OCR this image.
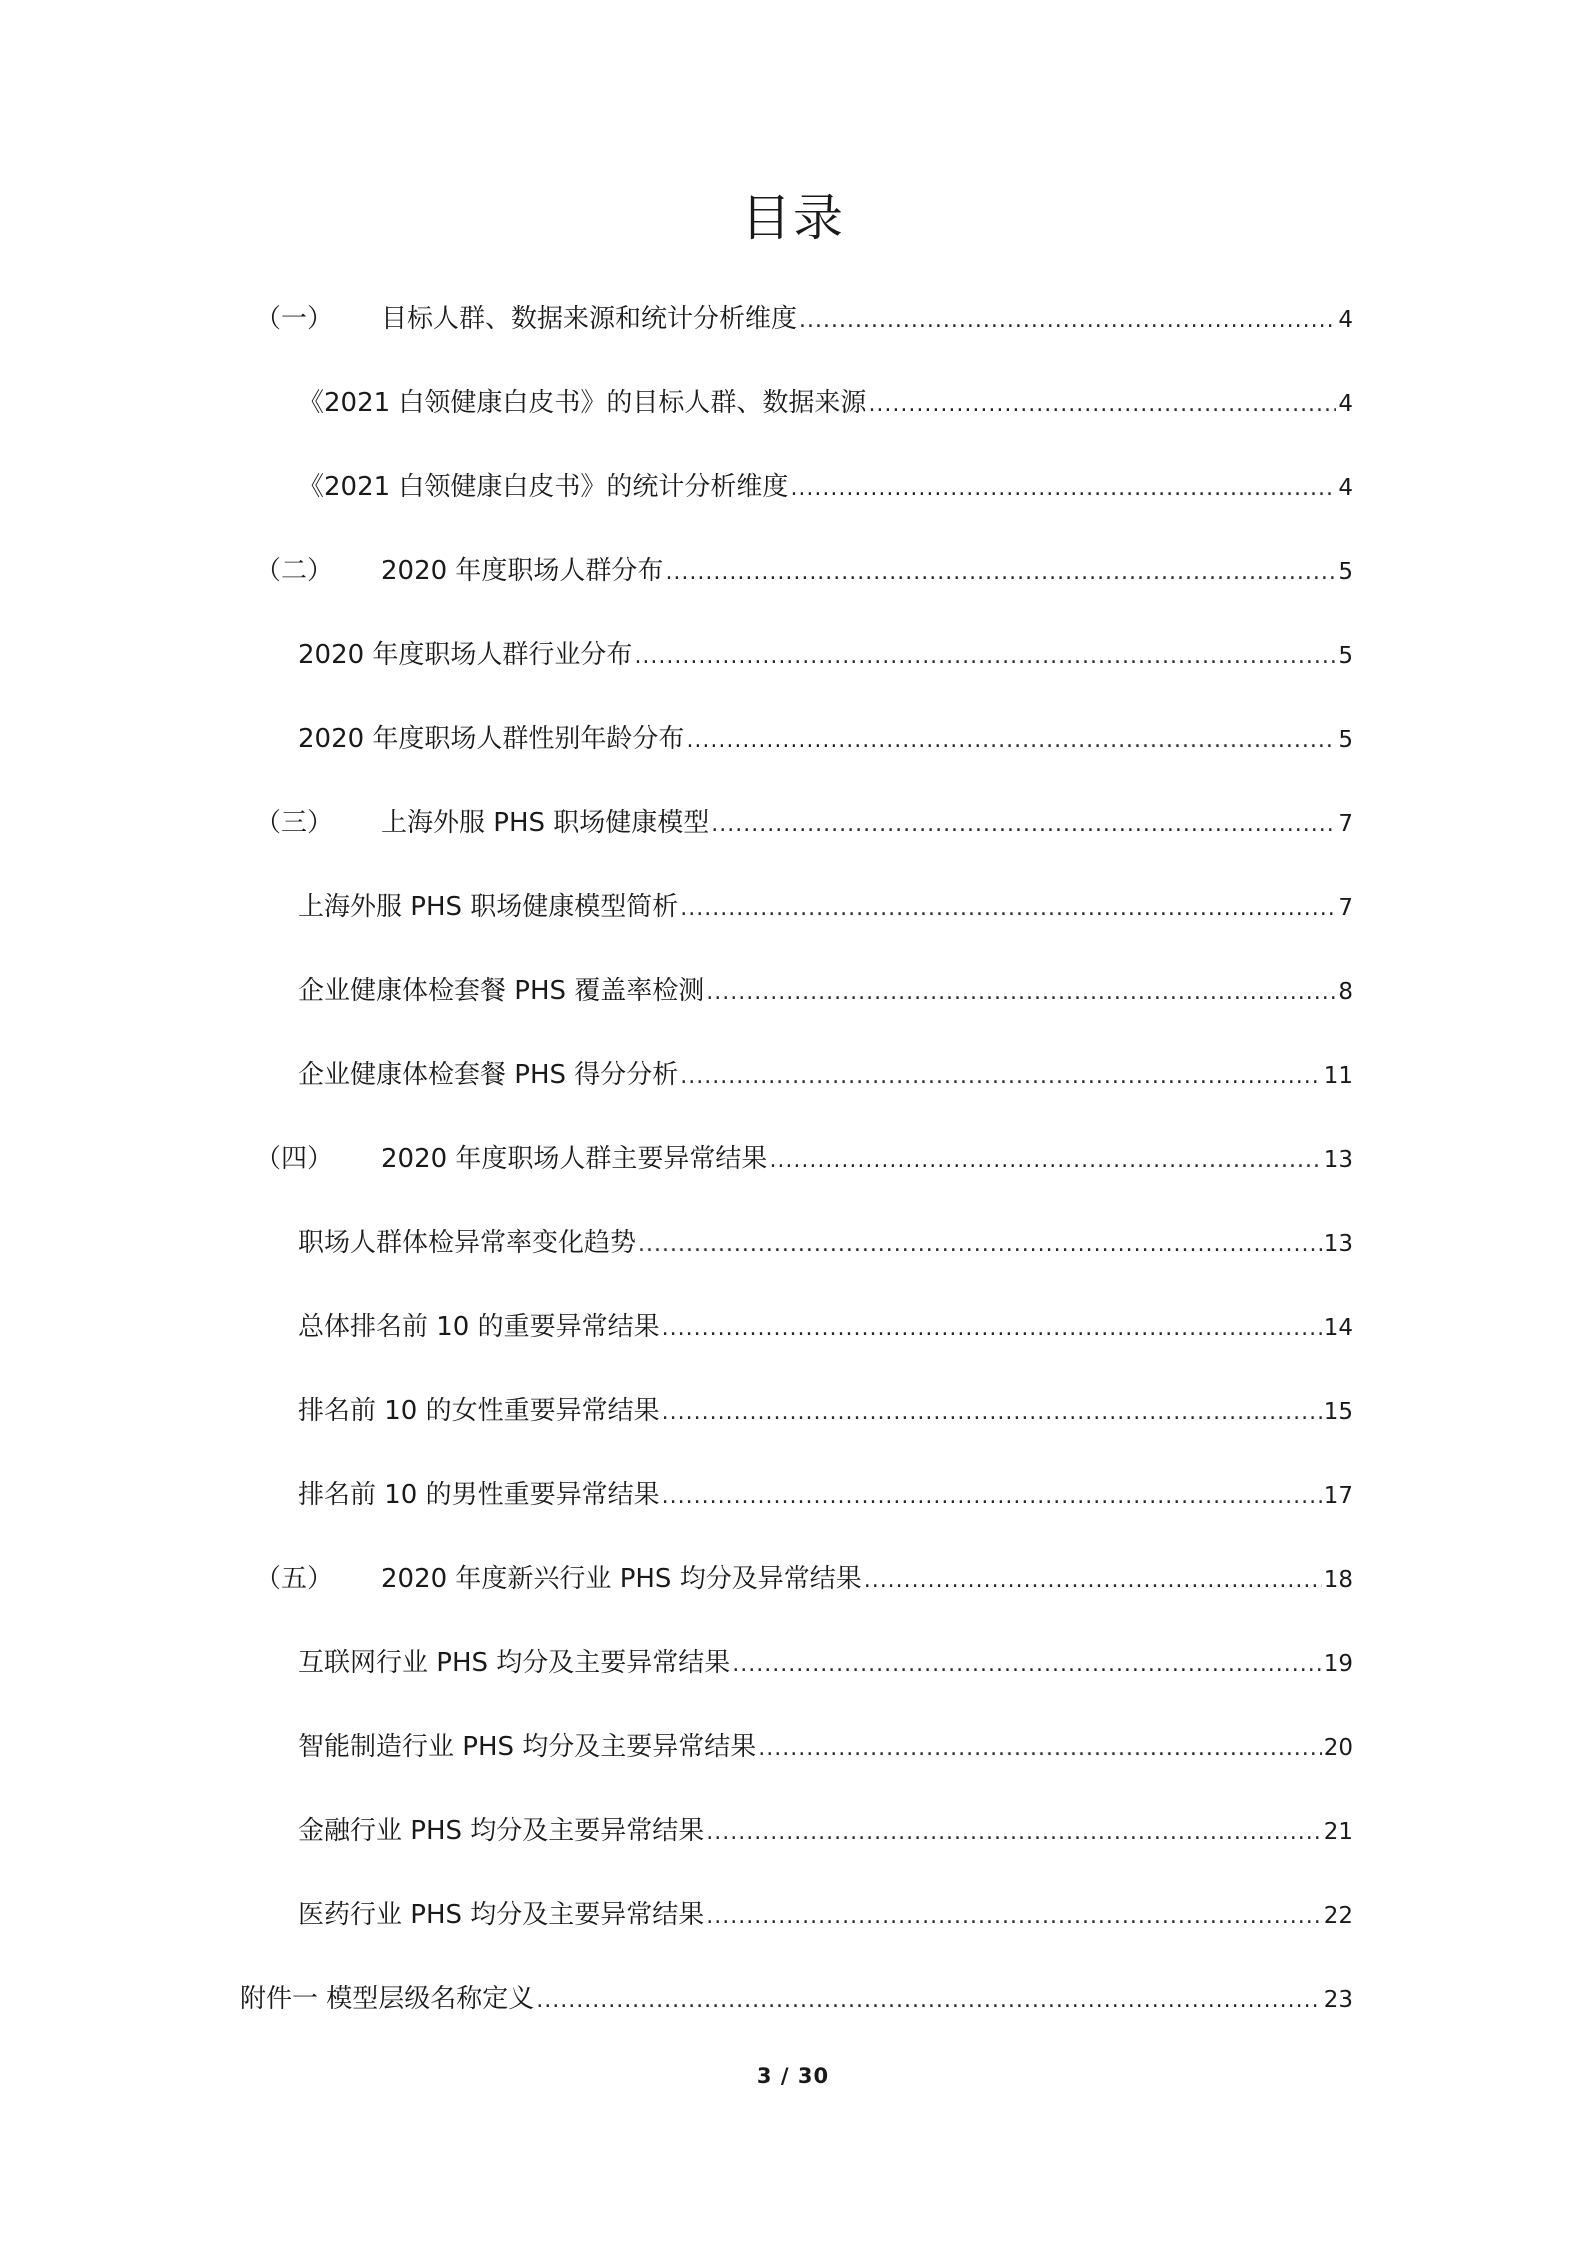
目录
（一）	目标人群、数据来源和统计分析维度 .....	4
《2021 白领健康白皮书》的目标人群、数据来源 .....	4
《2021 白领健康白皮书》的统计分析维度 .....	4
（二）	2020 年度职场人群分布 .....	5
2020 年度职场人群行业分布 .....	5
2020 年度职场人群性别年龄分布 .....	5
（三）	上海外服 PHS 职场健康模型 .....	7
上海外服 PHS 职场健康模型简析 .....	7
企业健康体检套餐 PHS 覆盖率检测 .....	8
企业健康体检套餐 PHS 得分分析 .....	11
（四）	2020 年度职场人群主要异常结果 .....	13
职场人群体检异常率变化趋势 .....	13
总体排名前 10 的重要异常结果 .....	14
排名前 10 的女性重要异常结果 .....	15
排名前 10 的男性重要异常结果 .....	17
（五）	2020 年度新兴行业 PHS 均分及异常结果 .....	18
互联网行业 PHS 均分及主要异常结果 .....	19
智能制造行业 PHS 均分及主要异常结果 .....	20
金融行业 PHS 均分及主要异常结果 .....	21
医药行业 PHS 均分及主要异常结果 .....	22
附件一 模型层级名称定义 .....	23
3 / 30
